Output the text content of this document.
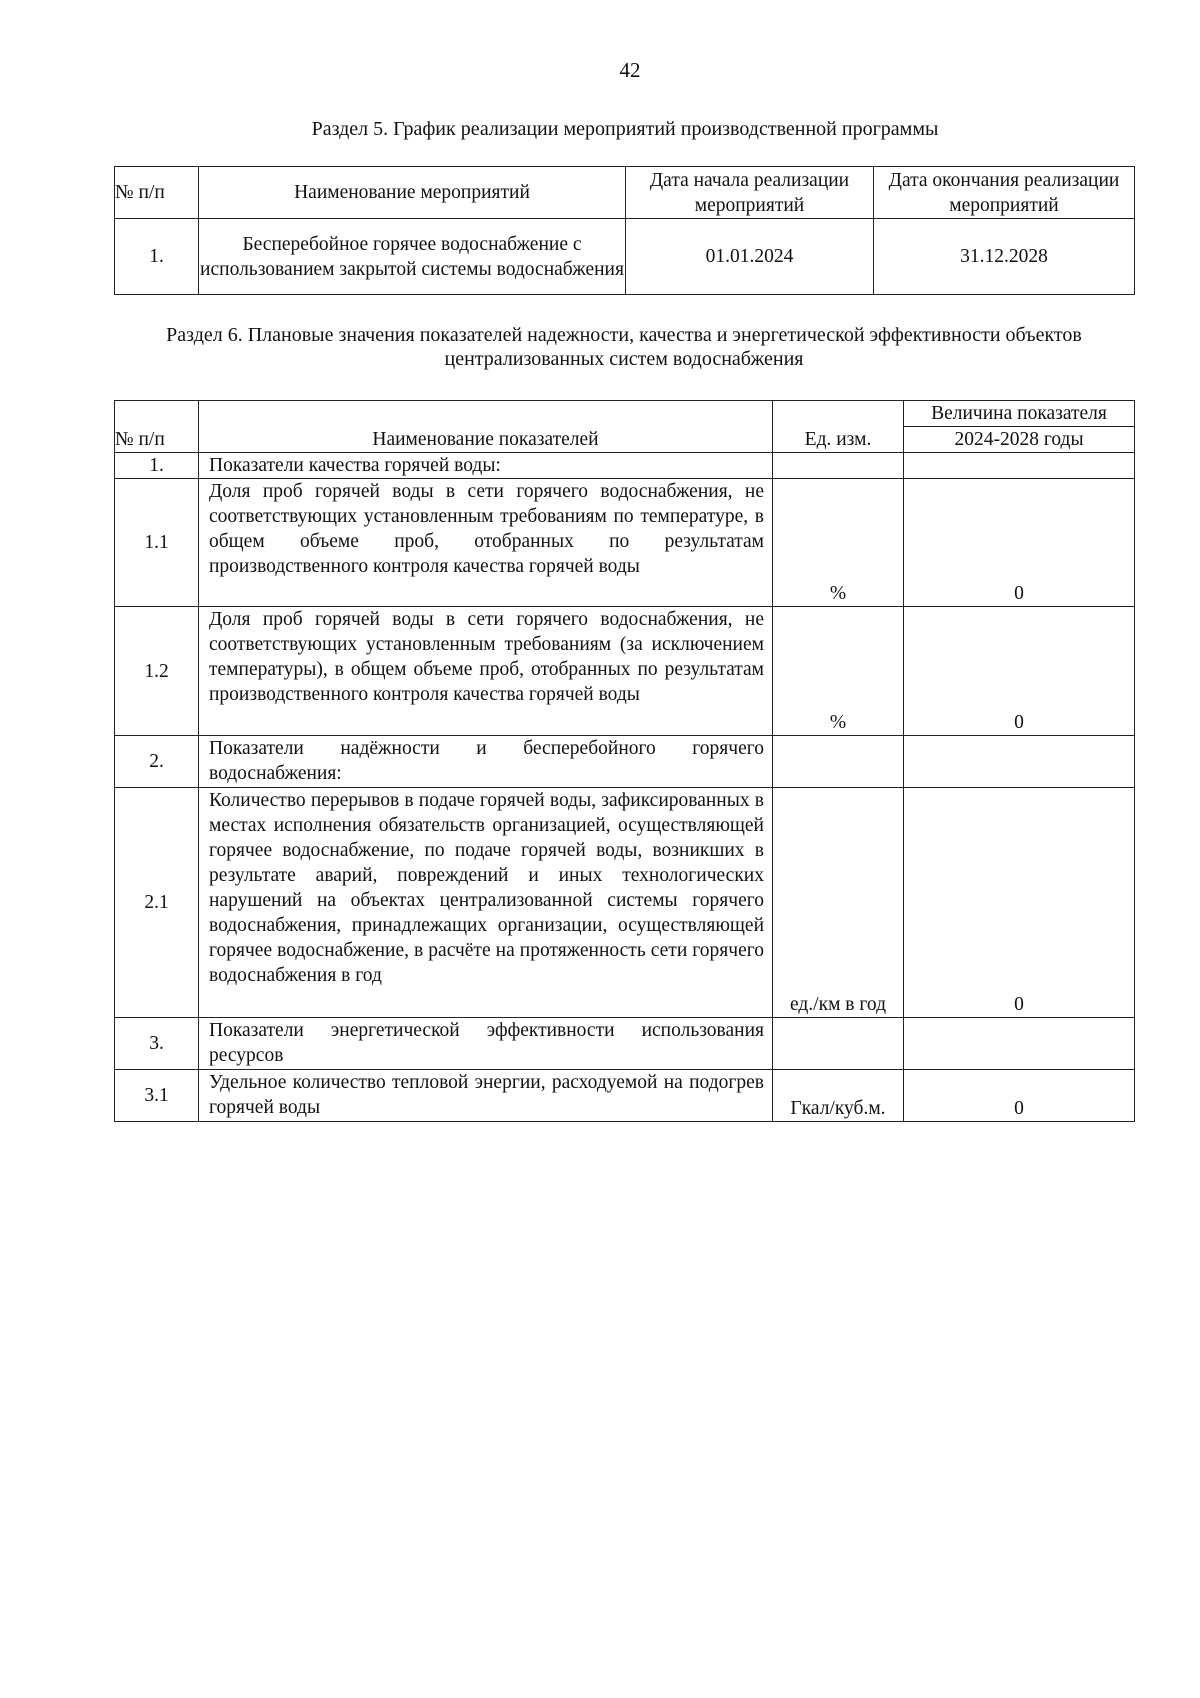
42
Раздел 5. График реализации мероприятий производственной программы
№ п/п	Наименование мероприятий	Дата начала реализации мероприятий	Дата окончания реализации мероприятий
1.	Бесперебойное горячее водоснабжение с использованием закрытой системы водоснабжения	01.01.2024	31.12.2028
Раздел 6. Плановые значения показателей надежности, качества и энергетической эффективности объектов централизованных систем водоснабжения
№ п/п	Наименование показателей	Ед. изм.	Величина показателя
			2024-2028 годы
1.	Показатели качества горячей воды:		
1.1	Доля проб горячей воды в сети горячего водоснабжения, не соответствующих установленным требованиям по температуре, в общем объеме проб, отобранных по результатам производственного контроля качества горячей воды	%	0
1.2	Доля проб горячей воды в сети горячего водоснабжения, не соответствующих установленным требованиям (за исключением температуры), в общем объеме проб, отобранных по результатам производственного контроля качества горячей воды	%	0
2.	Показатели надёжности и бесперебойного горячего водоснабжения:		
2.1	Количество перерывов в подаче горячей воды, зафиксированных в местах исполнения обязательств организацией, осуществляющей горячее водоснабжение, по подаче горячей воды, возникших в результате аварий, повреждений и иных технологических нарушений на объектах централизованной системы горячего водоснабжения, принадлежащих организации, осуществляющей горячее водоснабжение, в расчёте на протяженность сети горячего водоснабжения в год	ед./км в год	0
3.	Показатели энергетической эффективности использования ресурсов		
3.1	Удельное количество тепловой энергии, расходуемой на подогрев горячей воды	Гкал/куб.м.	0
